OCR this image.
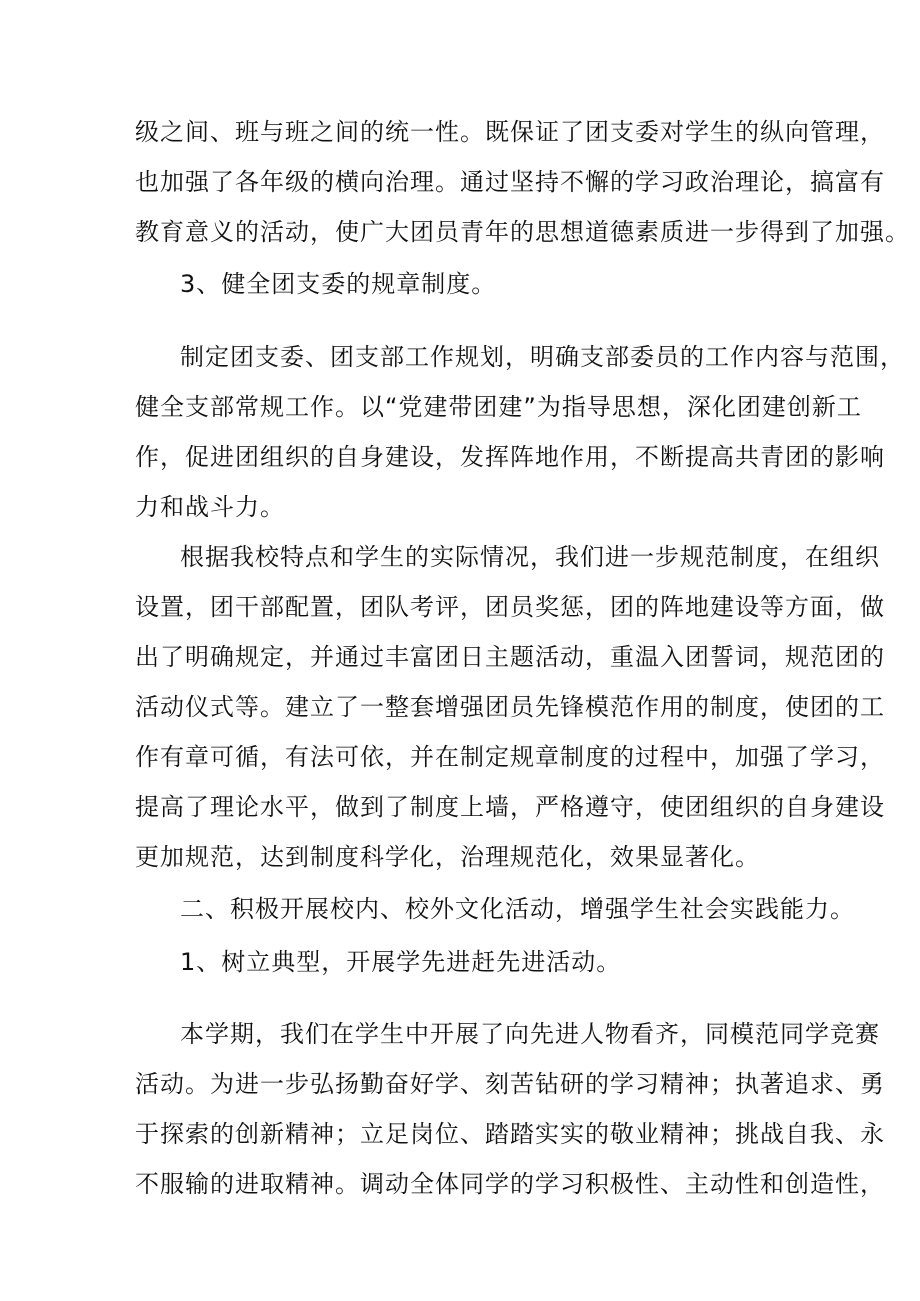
级之间、班与班之间的统一性。既保证了团支委对学生的纵向管理，
也加强了各年级的横向治理。通过坚持不懈的学习政治理论，搞富有
教育意义的活动，使广大团员青年的思想道德素质进一步得到了加强。
3、健全团支委的规章制度。
制定团支委、团支部工作规划，明确支部委员的工作内容与范围，
健全支部常规工作。以“党建带团建”为指导思想，深化团建创新工
作，促进团组织的自身建设，发挥阵地作用，不断提高共青团的影响
力和战斗力。
根据我校特点和学生的实际情况，我们进一步规范制度，在组织
设置，团干部配置，团队考评，团员奖惩，团的阵地建设等方面，做
出了明确规定，并通过丰富团日主题活动，重温入团誓词，规范团的
活动仪式等。建立了一整套增强团员先锋模范作用的制度，使团的工
作有章可循，有法可依，并在制定规章制度的过程中，加强了学习，
提高了理论水平，做到了制度上墙，严格遵守，使团组织的自身建设
更加规范，达到制度科学化，治理规范化，效果显著化。
二、积极开展校内、校外文化活动，增强学生社会实践能力。
1、树立典型，开展学先进赶先进活动。
本学期，我们在学生中开展了向先进人物看齐，同模范同学竞赛
活动。为进一步弘扬勤奋好学、刻苦钻研的学习精神；执著追求、勇
于探索的创新精神；立足岗位、踏踏实实的敬业精神；挑战自我、永
不服输的进取精神。调动全体同学的学习积极性、主动性和创造性，
